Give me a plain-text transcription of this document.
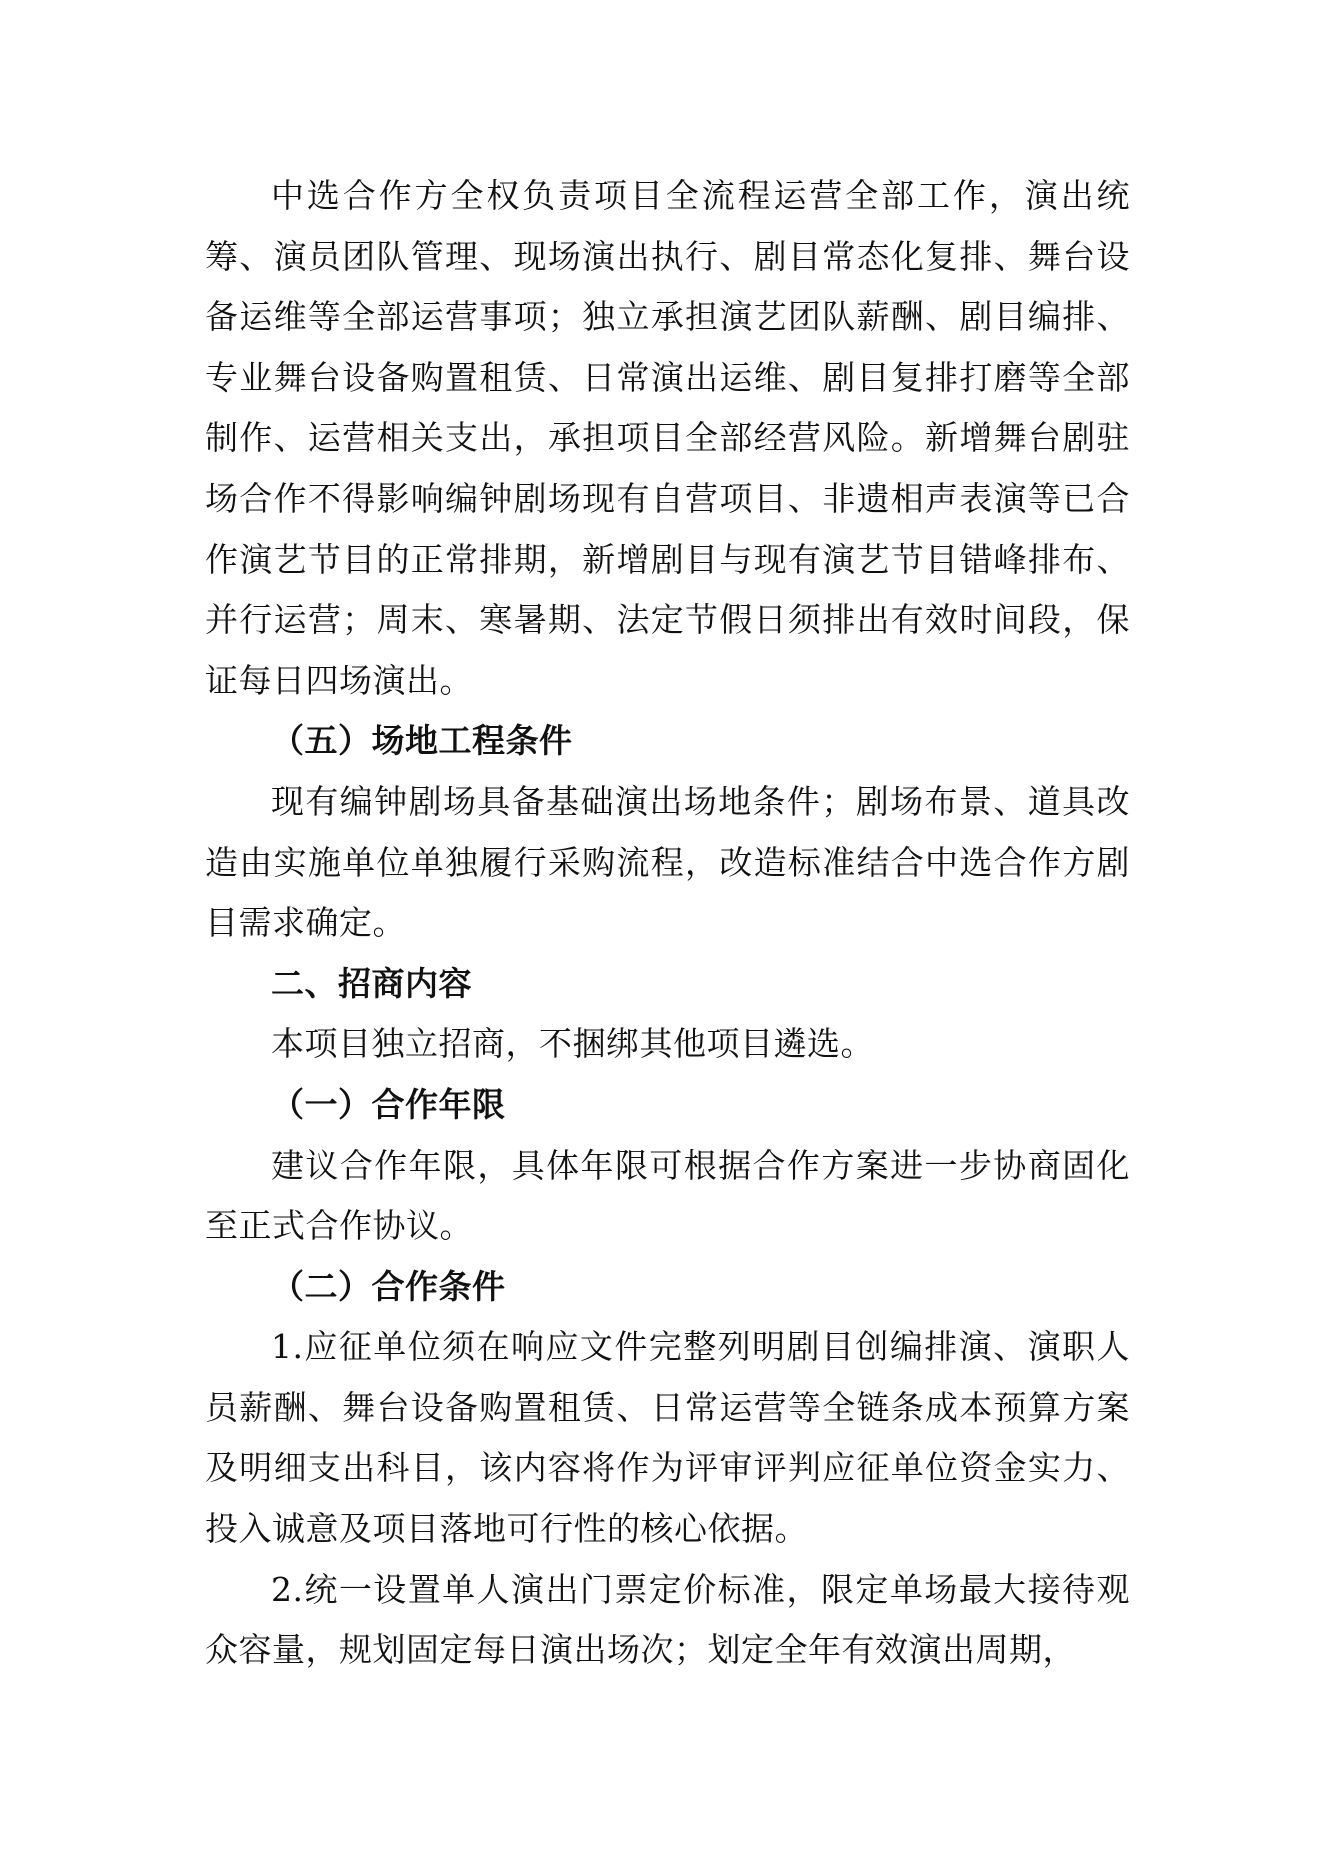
中选合作方全权负责项目全流程运营全部工作，演出统筹、演员团队管理、现场演出执行、剧目常态化复排、舞台设备运维等全部运营事项；独立承担演艺团队薪酬、剧目编排、专业舞台设备购置租赁、日常演出运维、剧目复排打磨等全部制作、运营相关支出，承担项目全部经营风险。新增舞台剧驻场合作不得影响编钟剧场现有自营项目、非遗相声表演等已合作演艺节目的正常排期，新增剧目与现有演艺节目错峰排布、并行运营；周末、寒暑期、法定节假日须排出有效时间段，保证每日四场演出。

（五）场地工程条件

现有编钟剧场具备基础演出场地条件；剧场布景、道具改造由实施单位单独履行采购流程，改造标准结合中选合作方剧目需求确定。

二、招商内容

本项目独立招商，不捆绑其他项目遴选。

（一）合作年限

建议合作年限，具体年限可根据合作方案进一步协商固化至正式合作协议。

（二）合作条件

1.应征单位须在响应文件完整列明剧目创编排演、演职人员薪酬、舞台设备购置租赁、日常运营等全链条成本预算方案及明细支出科目，该内容将作为评审评判应征单位资金实力、投入诚意及项目落地可行性的核心依据。

2.统一设置单人演出门票定价标准，限定单场最大接待观众容量，规划固定每日演出场次；划定全年有效演出周期，
